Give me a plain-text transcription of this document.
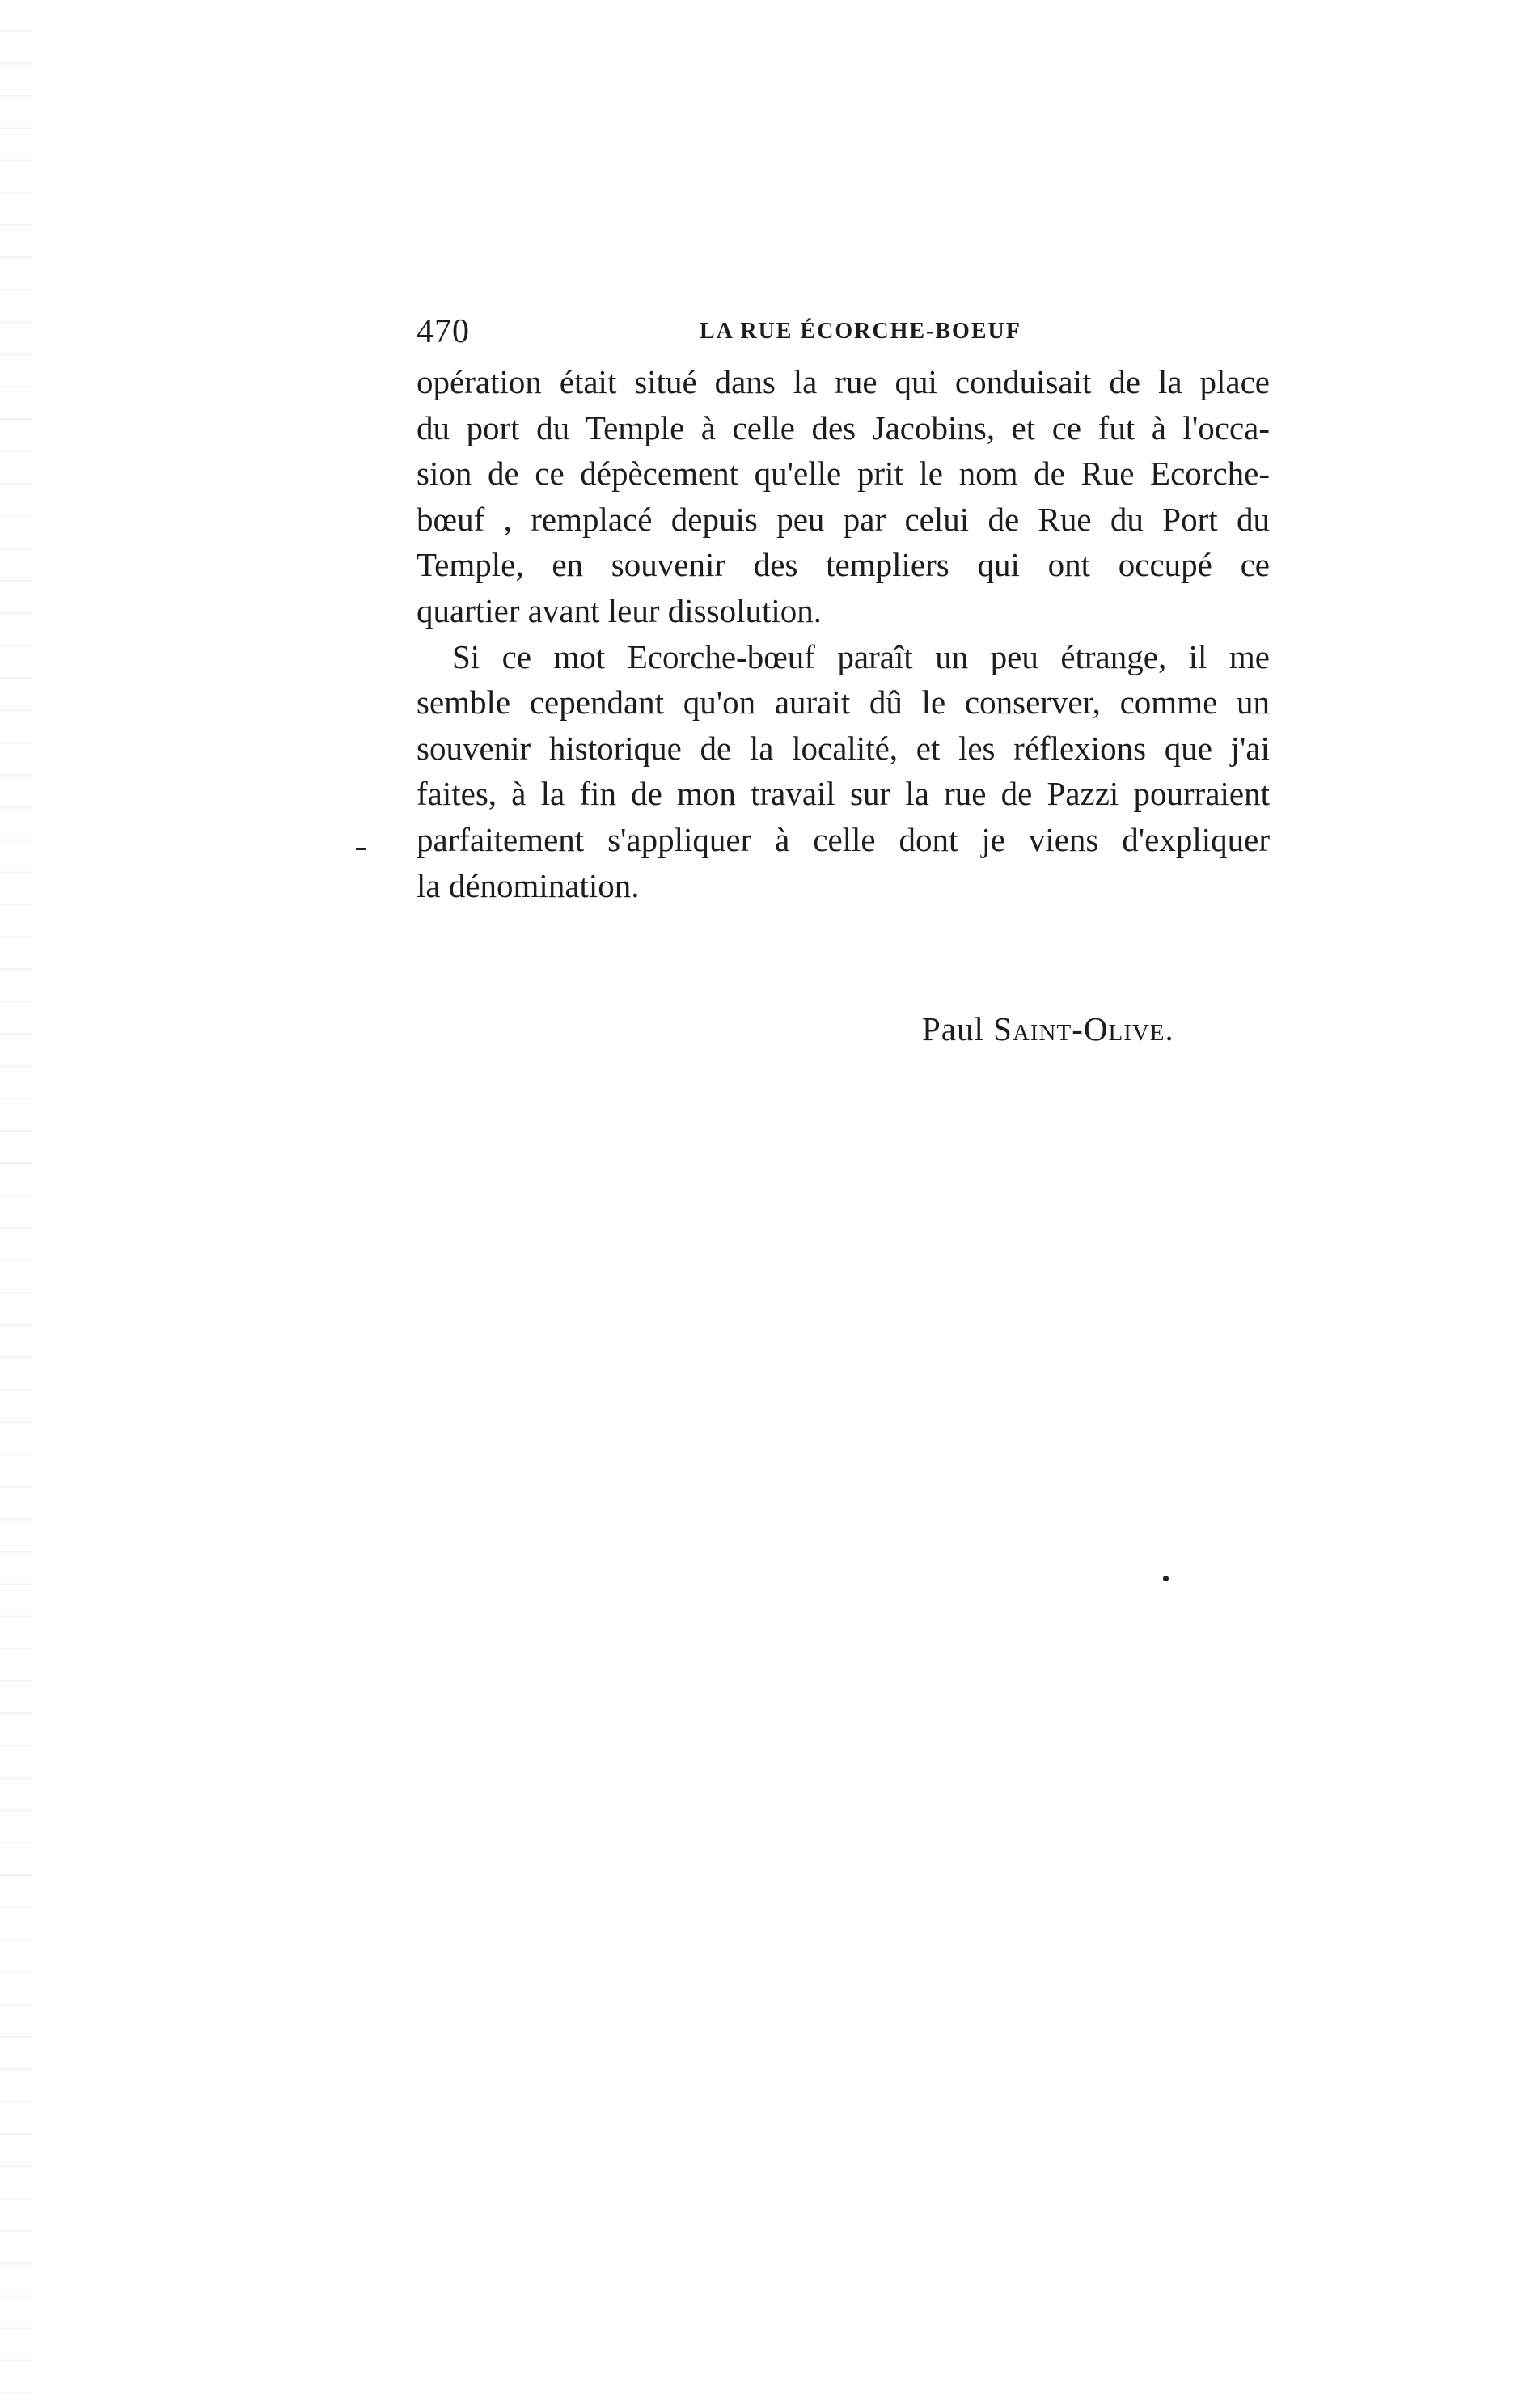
470	LA RUE ÉCORCHE-BOEUF
opération était situé dans la rue qui conduisait de la place
du port du Temple à celle des Jacobins, et ce fut à l'occa-
sion de ce dépècement qu'elle prit le nom de Rue Ecorche-
bœuf , remplacé depuis peu par celui de Rue du Port du
Temple, en souvenir des templiers qui ont occupé ce
quartier avant leur dissolution.
Si ce mot Ecorche-bœuf paraît un peu étrange, il me
semble cependant qu'on aurait dû le conserver, comme un
souvenir historique de la localité, et les réflexions que j'ai
faites, à la fin de mon travail sur la rue de Pazzi pourraient
parfaitement s'appliquer à celle dont je viens d'expliquer
la dénomination.
Paul Saint-Olive.
